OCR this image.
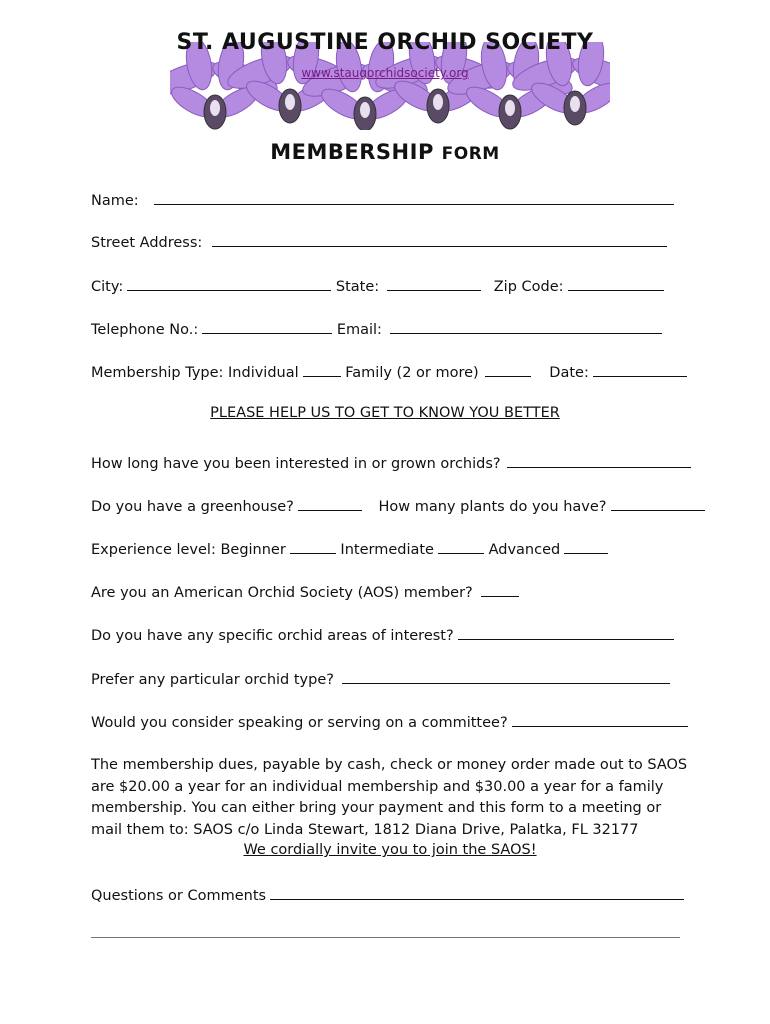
ST. AUGUSTINE ORCHID SOCIETY
www.staugorchidsociety.org
MEMBERSHIP FORM
Name:
Street Address:
City:	State:	Zip Code:
Telephone No.:	Email:
Membership Type: Individual	Family (2 or more)	Date:
PLEASE HELP US TO GET TO KNOW YOU BETTER
How long have you been interested in or grown orchids?
Do you have a greenhouse?	How many plants do you have?
Experience level: Beginner	Intermediate	Advanced
Are you an American Orchid Society (AOS) member?
Do you have any specific orchid areas of interest?
Prefer any particular orchid type?
Would you consider speaking or serving on a committee?
The membership dues, payable by cash, check or money order made out to SAOS are $20.00 a year for an individual membership and $30.00 a year for a family membership. You can either bring your payment and this form to a meeting or mail them to: SAOS c/o Linda Stewart, 1812 Diana Drive, Palatka, FL 32177
We cordially invite you to join the SAOS!
Questions or Comments
